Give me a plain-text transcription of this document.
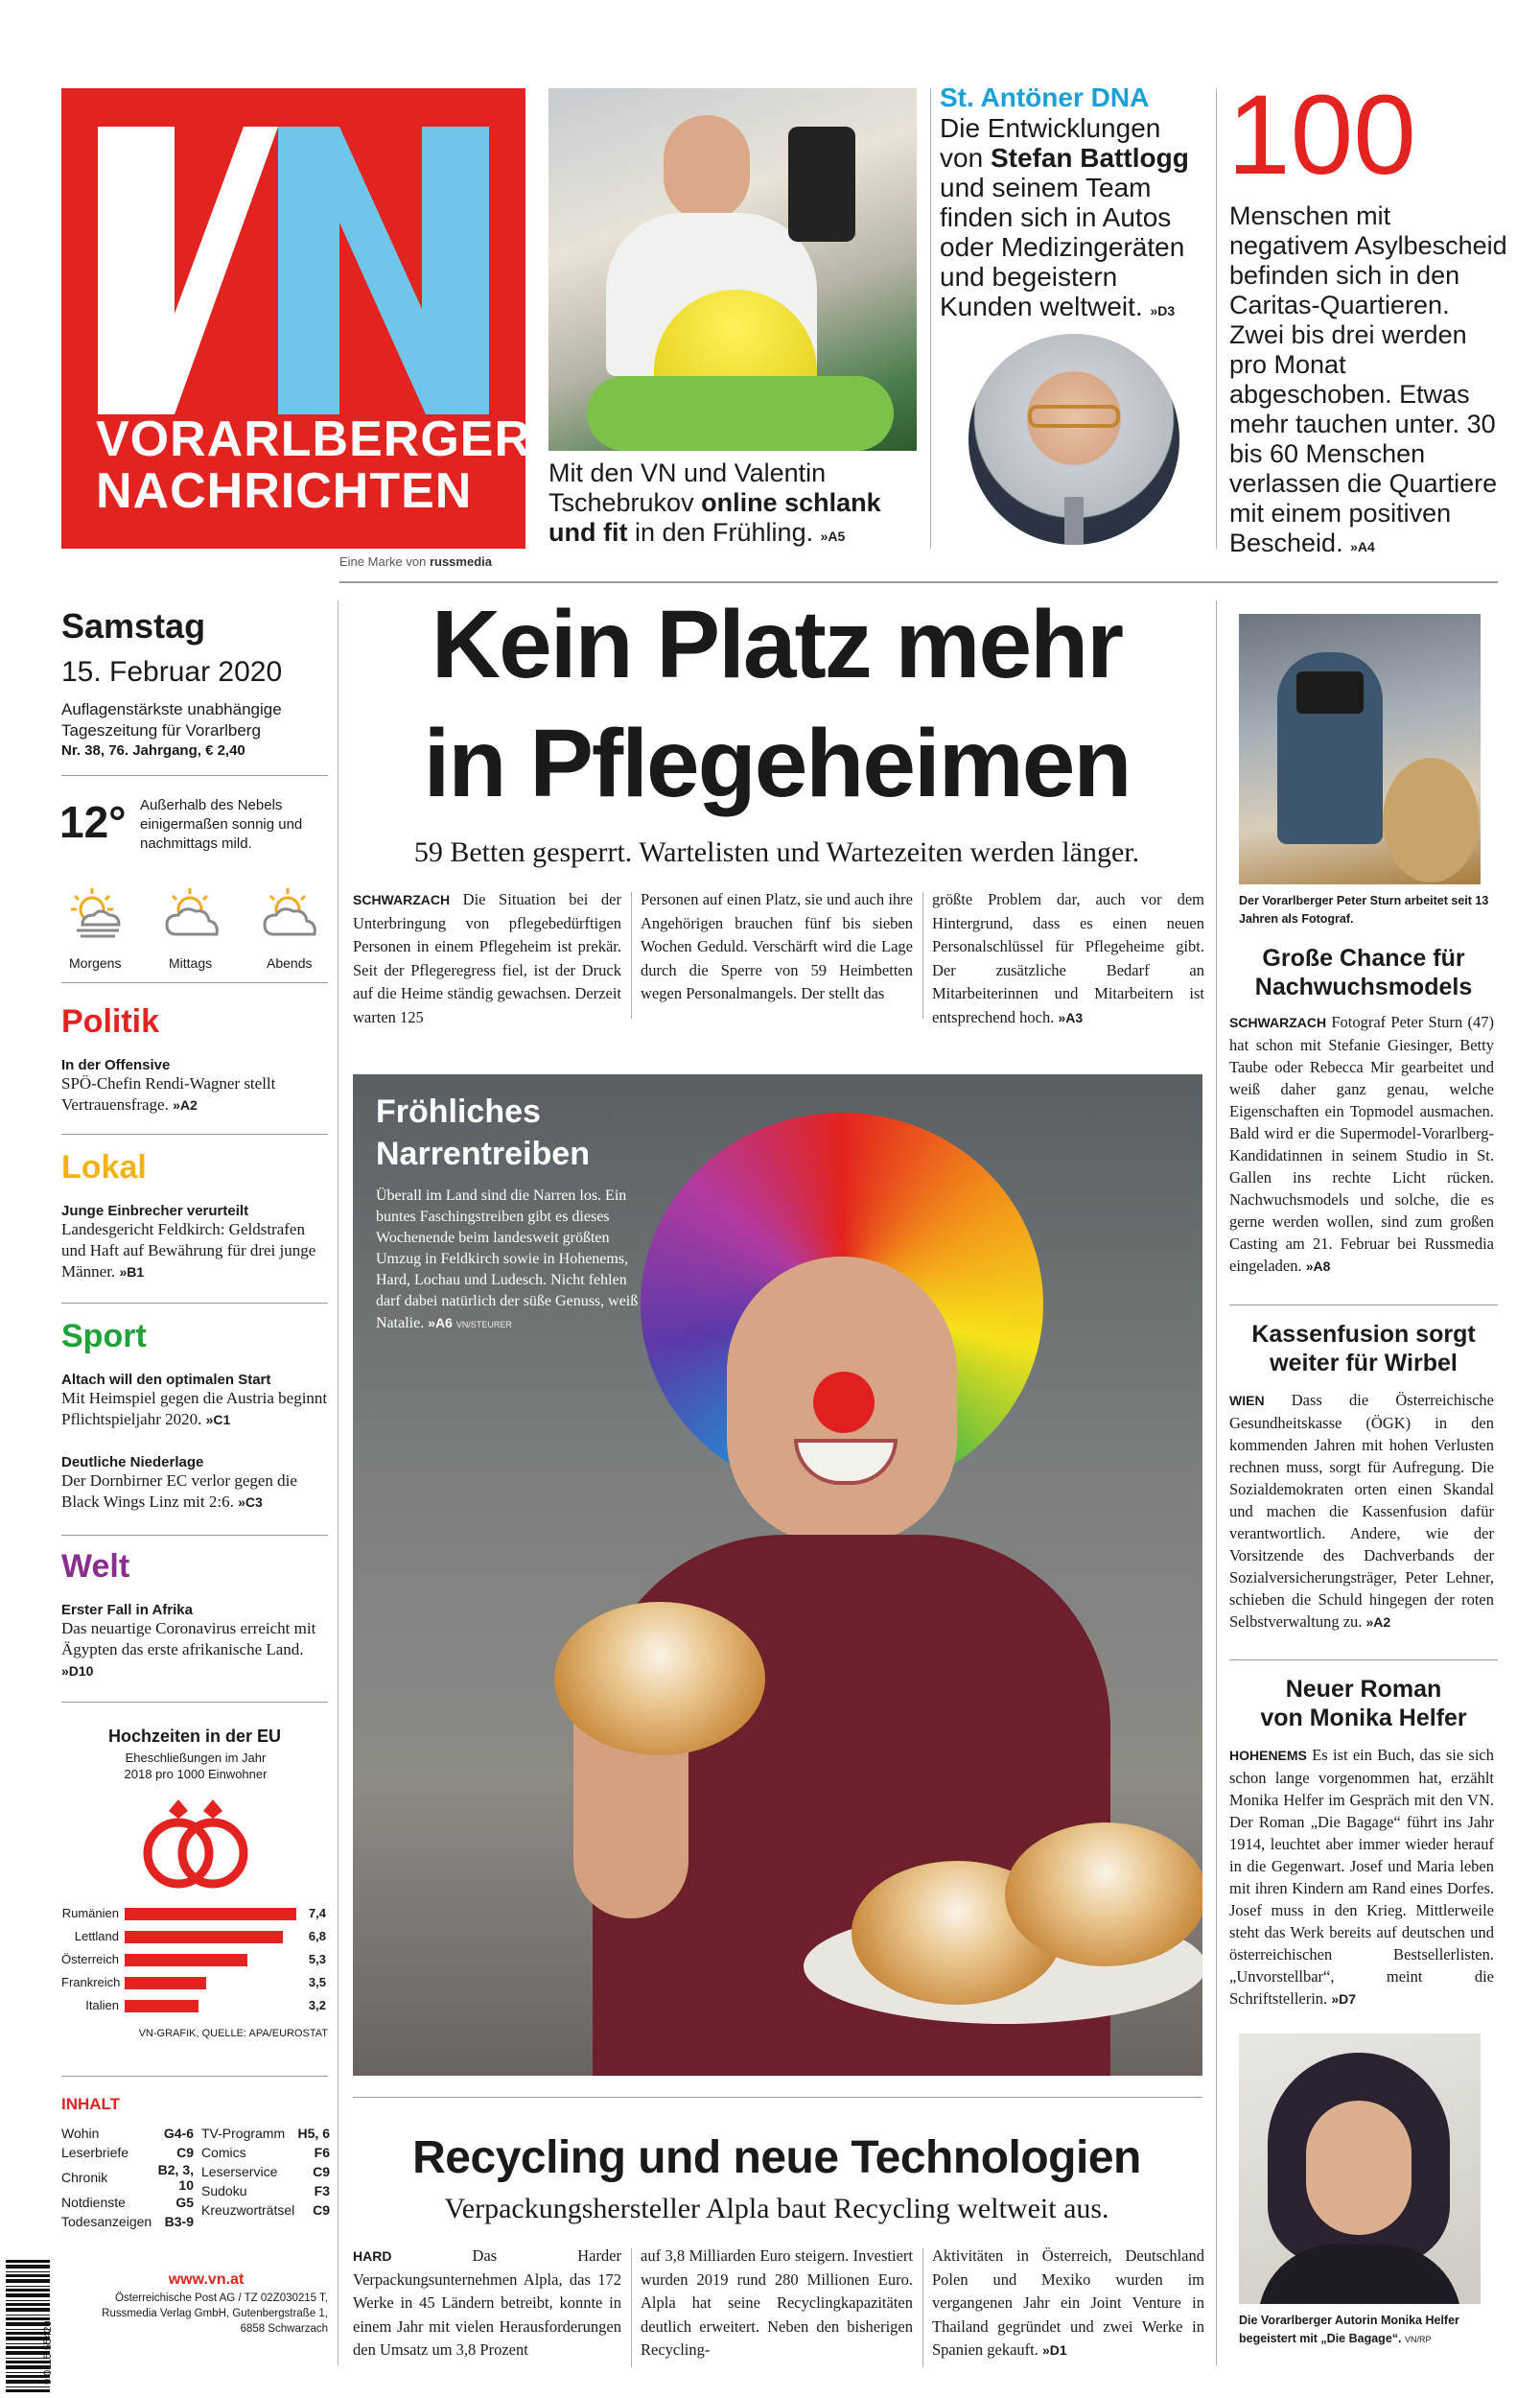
VORARLBERGER
NACHRICHTEN
Eine Marke von russmedia
Mit den VN und Valentin Tschebrukov online schlank und fit in den Frühling. »A5
St. Antöner DNA
Die Entwicklungen von Stefan Battlogg und seinem Team finden sich in Autos oder Medizingeräten und begeistern Kunden weltweit. »D3
100
Menschen mit negativem Asylbescheid befinden sich in den Caritas-Quartieren. Zwei bis drei werden pro Monat abgeschoben. Etwas mehr tauchen unter. 30 bis 60 Menschen verlassen die Quartiere mit einem positiven Bescheid. »A4
Samstag
15. Februar 2020
Auflagenstärkste unabhängige
Tageszeitung für Vorarlberg
Nr. 38, 76. Jahrgang, € 2,40
12° Außerhalb des Nebels einigermaßen sonnig und nachmittags mild.
Morgens	Mittags	Abends
Politik
In der Offensive
SPÖ-Chefin Rendi-Wagner stellt Vertrauensfrage. »A2
Lokal
Junge Einbrecher verurteilt
Landesgericht Feldkirch: Geldstrafen und Haft auf Bewährung für drei junge Männer. »B1
Sport
Altach will den optimalen Start
Mit Heimspiel gegen die Austria beginnt Pflichtspieljahr 2020. »C1
Deutliche Niederlage
Der Dornbirner EC verlor gegen die Black Wings Linz mit 2:6. »C3
Welt
Erster Fall in Afrika
Das neuartige Coronavirus erreicht mit Ägypten das erste afrikanische Land. »D10
Hochzeiten in der EU
Eheschließungen im Jahr 2018 pro 1000 Einwohner
Rumänien	7,4
Lettland	6,8
Österreich	5,3
Frankreich	3,5
Italien	3,2
VN-GRAFIK, QUELLE: APA/EUROSTAT
INHALT
Wohin	G4-6
Leserbriefe	C9
Chronik	B2, 3, 10
Notdienste	G5
Todesanzeigen	B3-9
TV-Programm	H5, 6
Comics	F6
Leserservice	C9
Sudoku	F3
Kreuzworträtsel	C9
9 0115 55420
www.vn.at
Österreichische Post AG / TZ 02Z030215 T,
Russmedia Verlag GmbH, Gutenbergstraße 1,
6858 Schwarzach
Kein Platz mehr
in Pflegeheimen
59 Betten gesperrt. Wartelisten und Wartezeiten werden länger.
SCHWARZACH Die Situation bei der Unterbringung von pflegebedürftigen Personen in einem Pflegeheim ist prekär. Seit der Pflegeregress fiel, ist der Druck auf die Heime ständig gewachsen. Derzeit warten 125
Personen auf einen Platz, sie und auch ihre Angehörigen brauchen fünf bis sieben Wochen Geduld. Verschärft wird die Lage durch die Sperre von 59 Heimbetten wegen Personalmangels. Der stellt das
größte Problem dar, auch vor dem Hintergrund, dass es einen neuen Personalschlüssel für Pflegeheime gibt. Der zusätzliche Bedarf an Mitarbeiterinnen und Mitarbeitern ist entsprechend hoch. »A3
Fröhliches
Narrentreiben
Überall im Land sind die Narren los. Ein buntes Faschingstreiben gibt es dieses Wochenende beim landesweit größten Umzug in Feldkirch sowie in Hohenems, Hard, Lochau und Ludesch. Nicht fehlen darf dabei natürlich der süße Genuss, weiß Natalie. »A6 VN/STEURER
Recycling und neue Technologien
Verpackungshersteller Alpla baut Recycling weltweit aus.
HARD	Das Harder Verpackungsunternehmen Alpla, das 172 Werke in 45 Ländern betreibt, konnte in einem Jahr mit vielen Herausforderungen den Umsatz um 3,8 Prozent
auf 3,8 Milliarden Euro steigern. Investiert wurden 2019 rund 280 Millionen Euro. Alpla hat seine Recyclingkapazitäten deutlich erweitert. Neben den bisherigen Recycling-
Aktivitäten in Österreich, Deutschland Polen und Mexiko wurden im vergangenen Jahr ein Joint Venture in Thailand gegründet und zwei Werke in Spanien gekauft. »D1
Der Vorarlberger Peter Sturn arbeitet seit 13 Jahren als Fotograf.
Große Chance für
Nachwuchsmodels
SCHWARZACH Fotograf Peter Sturn (47) hat schon mit Stefanie Giesinger, Betty Taube oder Rebecca Mir gearbeitet und weiß daher ganz genau, welche Eigenschaften ein Topmodel ausmachen. Bald wird er die Supermodel-Vorarlberg-Kandidatinnen in seinem Studio in St. Gallen ins rechte Licht rücken. Nachwuchsmodels und solche, die es gerne werden wollen, sind zum großen Casting am 21. Februar bei Russmedia eingeladen. »A8
Kassenfusion sorgt
weiter für Wirbel
WIEN Dass die Österreichische Gesundheitskasse (ÖGK) in den kommenden Jahren mit hohen Verlusten rechnen muss, sorgt für Aufregung. Die Sozialdemokraten orten einen Skandal und machen die Kassenfusion dafür verantwortlich. Andere, wie der Vorsitzende des Dachverbands der Sozialversicherungsträger, Peter Lehner, schieben die Schuld hingegen der roten Selbstverwaltung zu. »A2
Neuer Roman
von Monika Helfer
HOHENEMS Es ist ein Buch, das sie sich schon lange vorgenommen hat, erzählt Monika Helfer im Gespräch mit den VN. Der Roman „Die Bagage“ führt ins Jahr 1914, leuchtet aber immer wieder herauf in die Gegenwart. Josef und Maria leben mit ihren Kindern am Rand eines Dorfes. Josef muss in den Krieg. Mittlerweile steht das Werk bereits auf deutschen und österreichischen Bestsellerlisten. „Unvorstellbar“, meint die Schriftstellerin. »D7
Die Vorarlberger Autorin Monika Helfer begeistert mit „Die Bagage“. VN/RP
